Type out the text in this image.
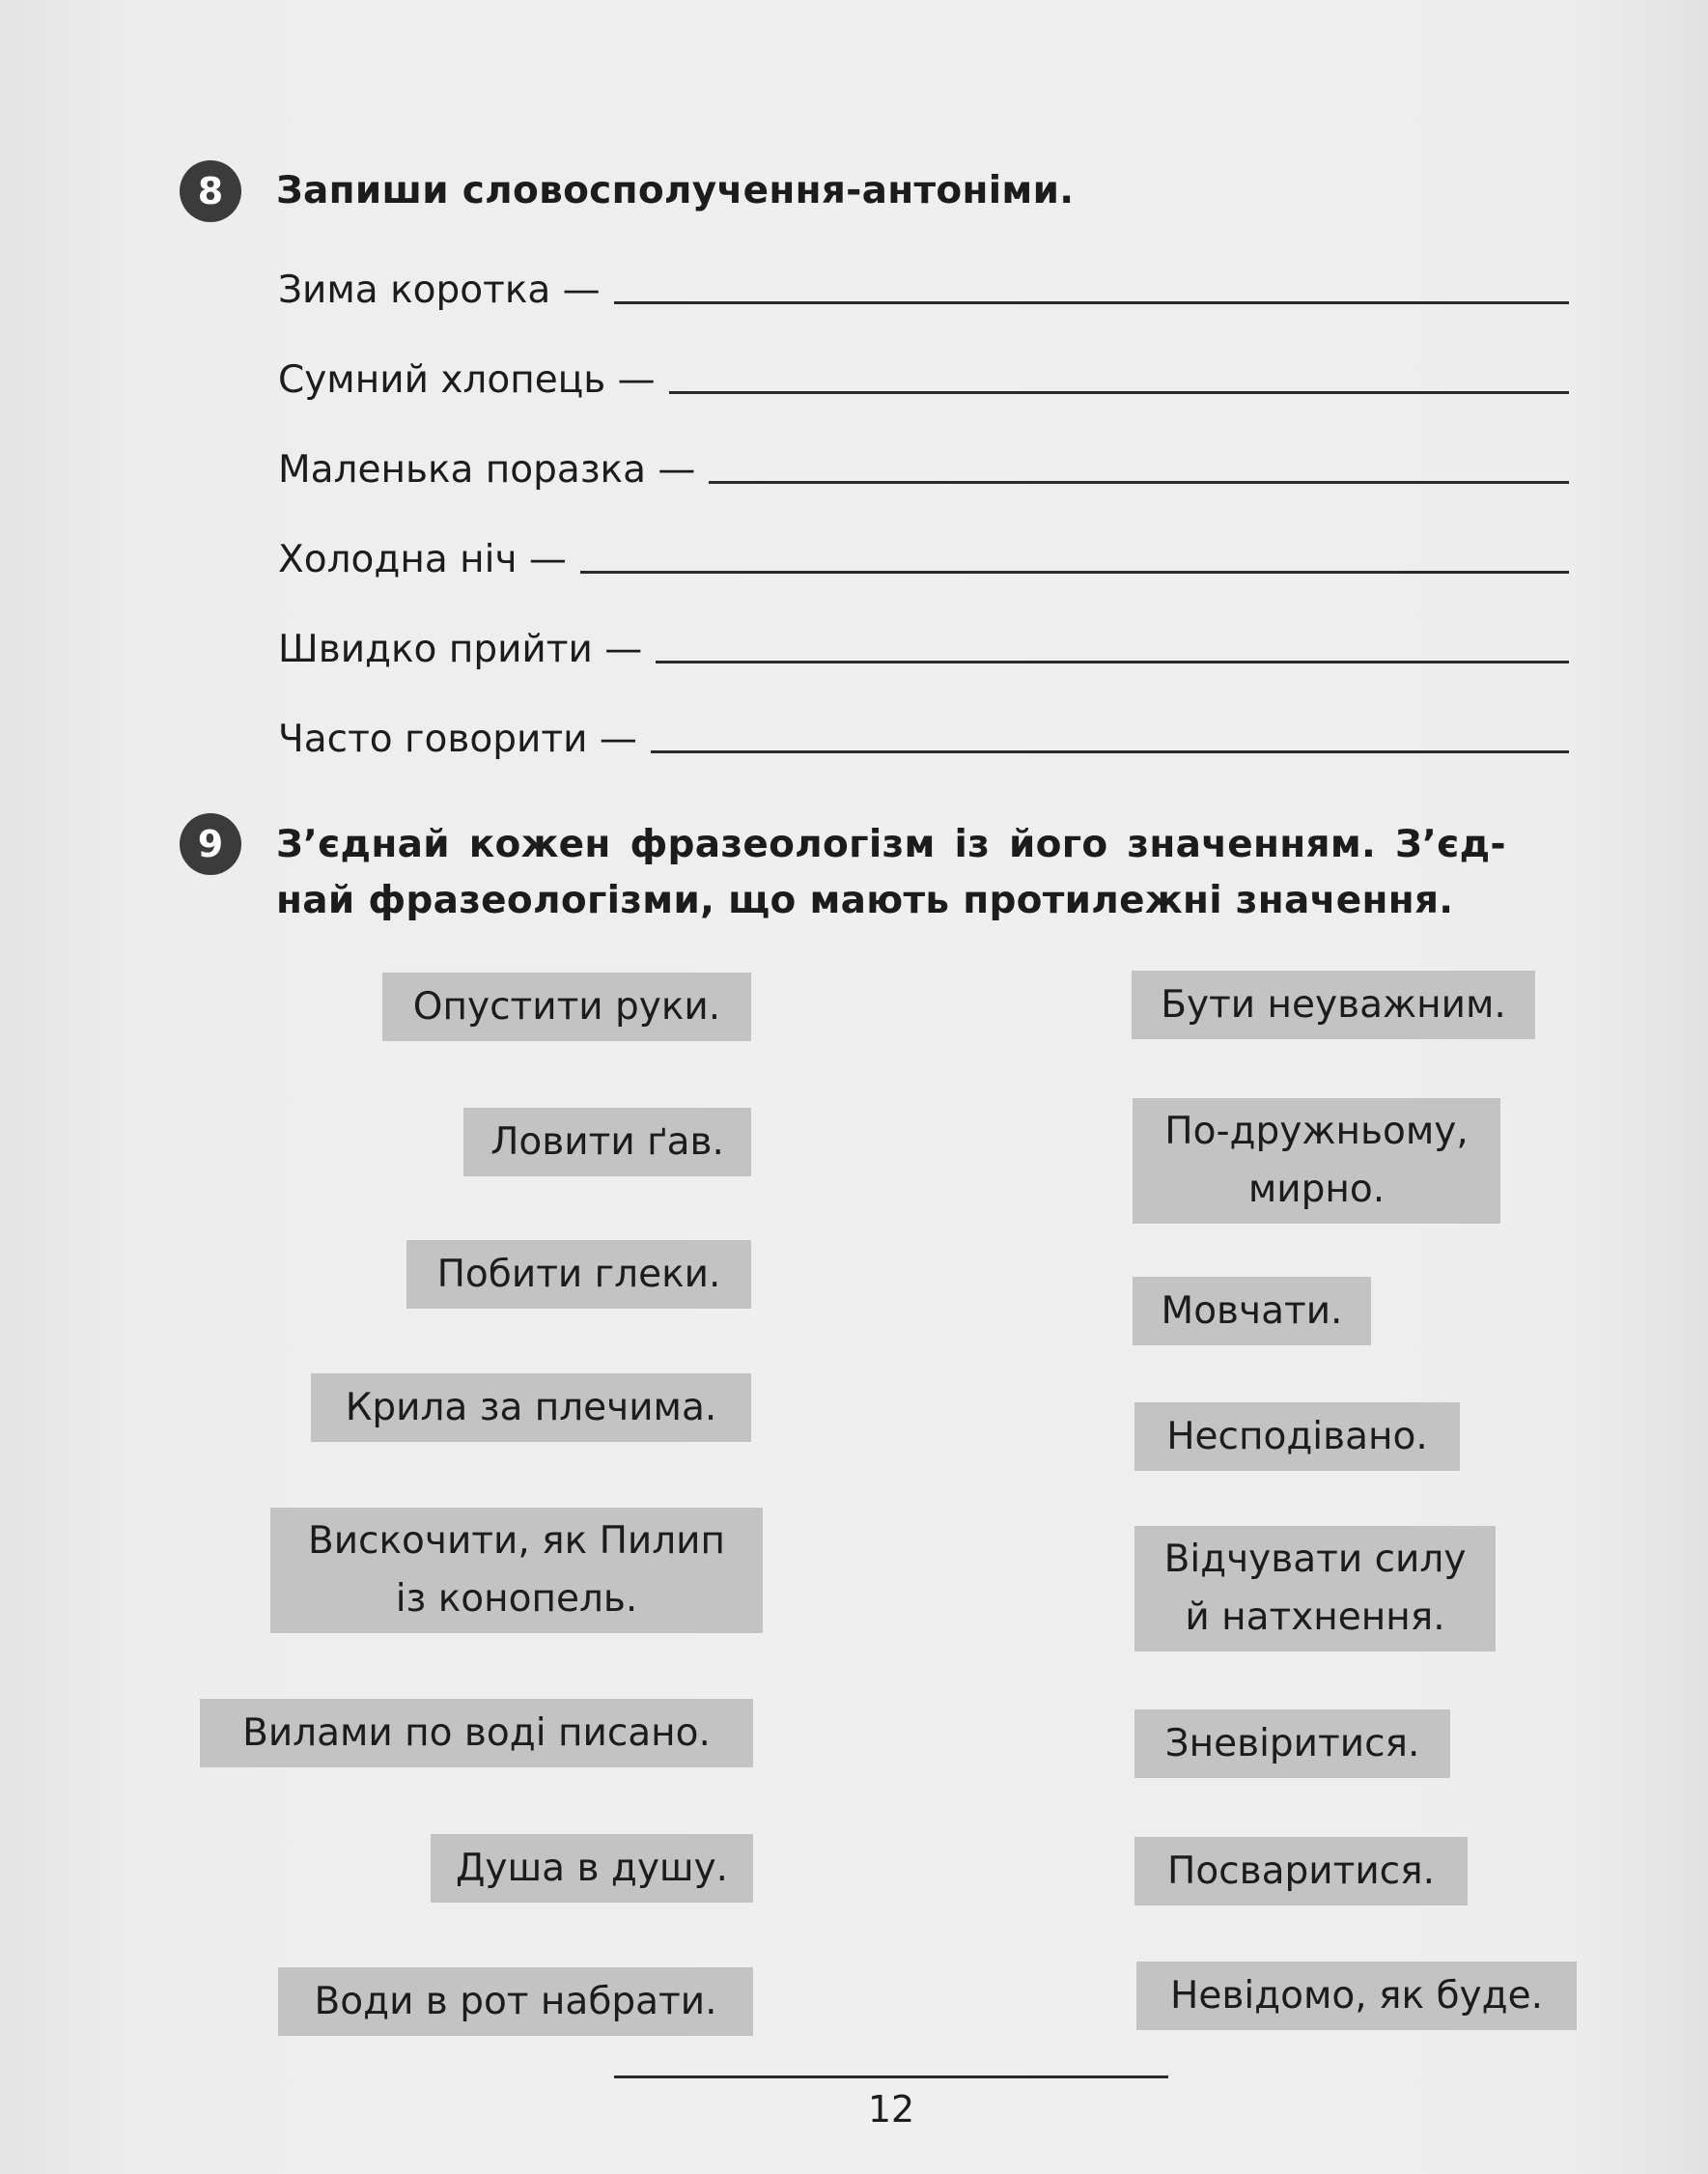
8 Запиши словосполучення-антоніми.
Зима коротка —
Сумний хлопець —
Маленька поразка —
Холодна ніч —
Швидко прийти —
Часто говорити —
9 З’єднай кожен фразеологізм із його значенням. З’єд-
най фразеологізми, що мають протилежні значення.
Опустити руки.
Ловити ґав.
Побити глеки.
Крила за плечима.
Вискочити, як Пилип
із конопель.
Вилами по воді писано.
Душа в душу.
Води в рот набрати.
Бути неуважним.
По-дружньому,
мирно.
Мовчати.
Несподівано.
Відчувати силу
й натхнення.
Зневіритися.
Посваритися.
Невідомо, як буде.
12
